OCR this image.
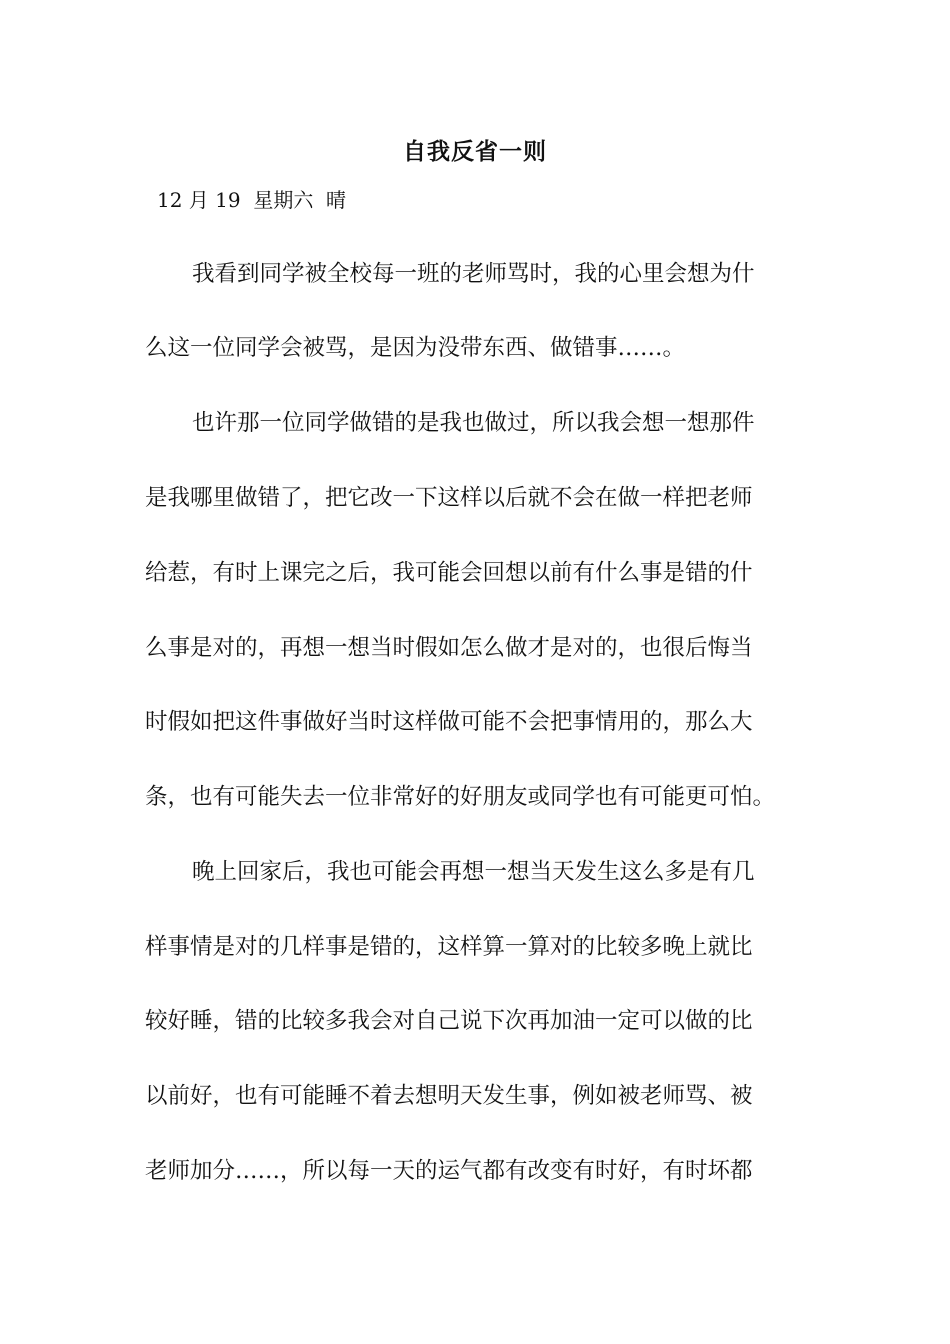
自我反省一则
12 月 19  星期六  晴
我看到同学被全校每一班的老师骂时，我的心里会想为什
么这一位同学会被骂，是因为没带东西、做错事……。
也许那一位同学做错的是我也做过，所以我会想一想那件
是我哪里做错了，把它改一下这样以后就不会在做一样把老师
给惹，有时上课完之后，我可能会回想以前有什么事是错的什
么事是对的，再想一想当时假如怎么做才是对的，也很后悔当
时假如把这件事做好当时这样做可能不会把事情用的，那么大
条，也有可能失去一位非常好的好朋友或同学也有可能更可怕。
晚上回家后，我也可能会再想一想当天发生这么多是有几
样事情是对的几样事是错的，这样算一算对的比较多晚上就比
较好睡，错的比较多我会对自己说下次再加油一定可以做的比
以前好，也有可能睡不着去想明天发生事，例如被老师骂、被
老师加分……，所以每一天的运气都有改变有时好，有时坏都
